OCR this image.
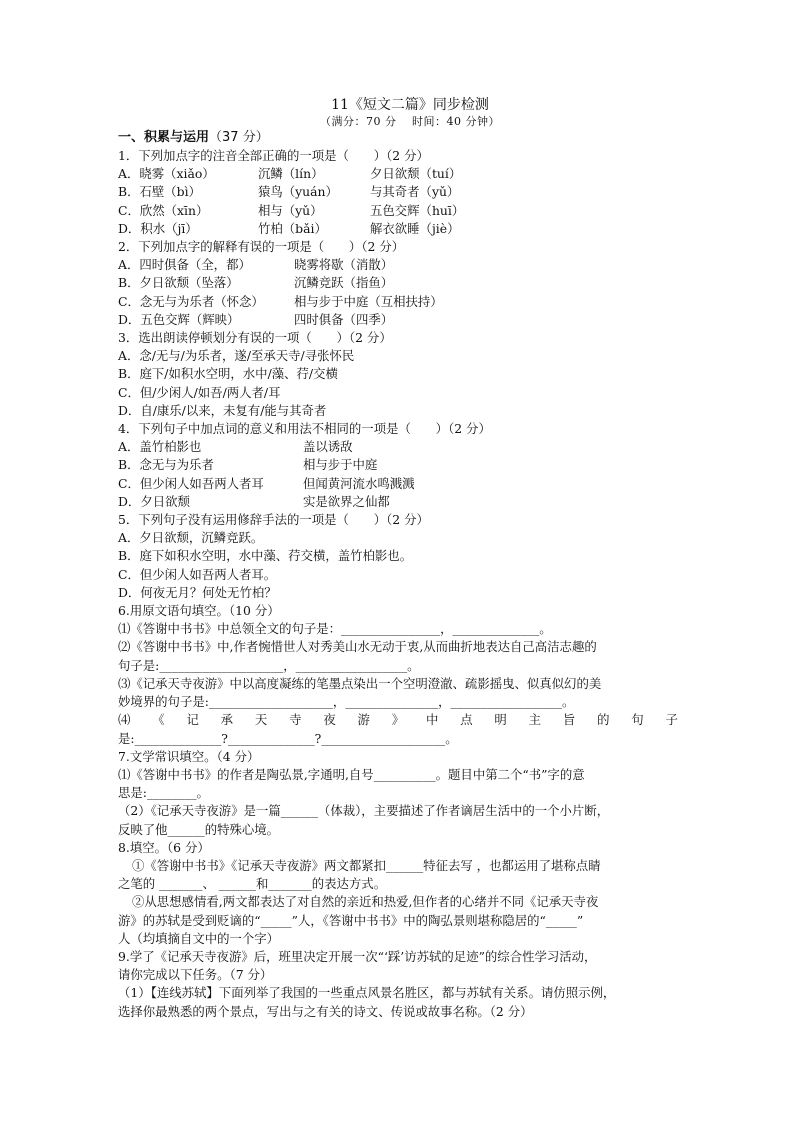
11《短文二篇》同步检测
（满分：70 分　 时间：40 分钟）
一、积累与运用（37 分）
1．下列加点字的注音全部正确的一项是（　　）（2 分）
A．晓雾（xiǎo）	沉鳞（lín）	夕日欲颓（tuí）
B．石壁（bì）	猿鸟（yuán）	与其奇者（yǔ）
C．欣然（xīn）	相与（yǔ）	五色交辉（huī）
D．积水（jī）	竹柏（bǎi）	解衣欲睡（jiè）
2．下列加点字的解释有误的一项是（　　）（2 分）
A．四时俱备（全，都）	晓雾将歇（消散）
B．夕日欲颓（坠落）	沉鳞竞跃（指鱼）
C．念无与为乐者（怀念）	相与步于中庭（互相扶持）
D．五色交辉（辉映）	四时俱备（四季）
3．选出朗读停顿划分有误的一项（　　）（2 分）
A．念/无与/为乐者，遂/至承天寺/寻张怀民
B．庭下/如积水空明，水中/藻、荇/交横
C．但/少闲人/如吾/两人者/耳
D．自/康乐/以来，未复有/能与其奇者
4．下列句子中加点词的意义和用法不相同的一项是（　　）（2 分）
A．盖竹柏影也	盖以诱敌
B．念无与为乐者	相与步于中庭
C．但少闲人如吾两人者耳	但闻黄河流水鸣溅溅
D．夕日欲颓	实是欲界之仙都
5．下列句子没有运用修辞手法的一项是（　　）（2 分）
A．夕日欲颓，沉鳞竞跃。
B．庭下如积水空明，水中藻、荇交横，盖竹柏影也。
C．但少闲人如吾两人者耳。
D．何夜无月？何处无竹柏？
6.用原文语句填空。（10 分）
⑴《答谢中书书》中总领全文的句子是：________________，______________。
⑵《答谢中书书》中,作者惋惜世人对秀美山水无动于衷,从而曲折地表达自己高洁志趣的
句子是:____________________，__________________。
⑶《记承天寺夜游》中以高度凝练的笔墨点染出一个空明澄澈、疏影摇曳、似真似幻的美
妙境界的句子是:____________________，_______________，__________________。
⑷ 《 记 承 天 寺 夜 游 》 中 点 明 主 旨 的 句 子
是:______________?______________?____________________。
7.文学常识填空。（4 分）
⑴《答谢中书书》的作者是陶弘景,字通明,自号__________。题目中第二个“书”字的意
思是:________。
（2）《记承天寺夜游》是一篇______（体裁），主要描述了作者谪居生活中的一个小片断，
反映了他______的特殊心境。
8.填空。（6 分）
①《答谢中书书》《记承天寺夜游》两文都紧扣______特征去写 ，也都运用了堪称点睛
之笔的 _______、 ______和_______的表达方式。
②从思想感情看,两文都表达了对自然的亲近和热爱,但作者的心绪并不同《记承天寺夜
游》的苏轼是受到贬谪的“_____”人，《答谢中书书》中的陶弘景则堪称隐居的“_____”
人（均填摘自文中的一个字）
9.学了《记承天寺夜游》后，班里决定开展一次“‘踩’访苏轼的足迹”的综合性学习活动，
请你完成以下任务。（7 分）
（1）【连线苏轼】下面列举了我国的一些重点风景名胜区，都与苏轼有关系。请仿照示例，
选择你最熟悉的两个景点，写出与之有关的诗文、传说或故事名称。（2 分）
